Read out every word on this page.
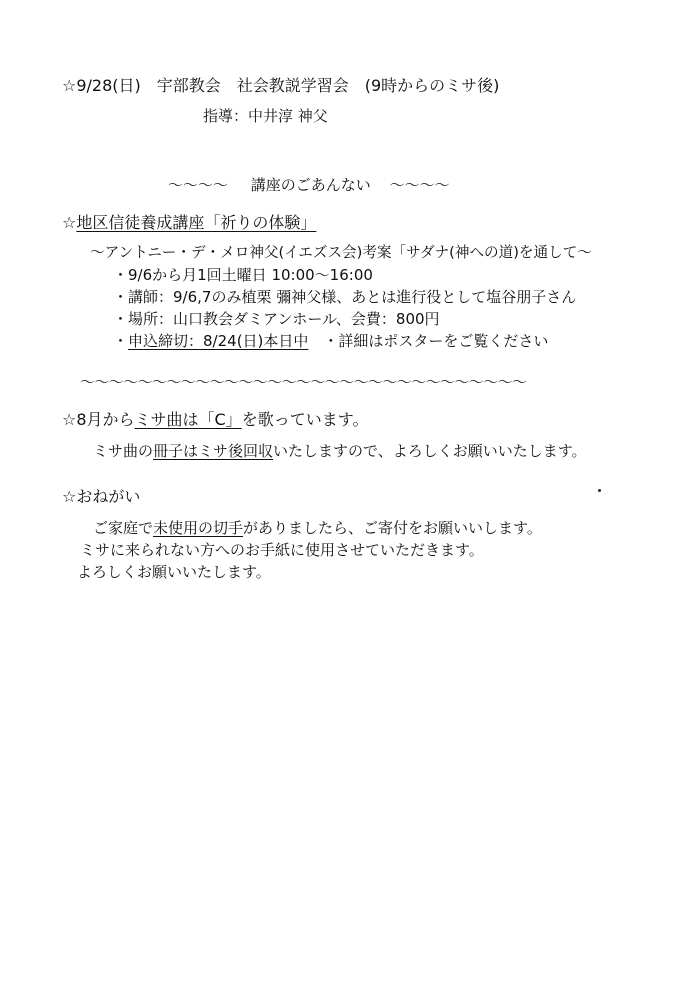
☆9/28(日)　宇部教会　社会教説学習会　(9時からのミサ後)
指導：中井淳 神父
～～～～ 講座のごあんない ～～～～
☆地区信徒養成講座「祈りの体験」
～アントニー・デ・メロ神父(イエズス会)考案「サダナ(神への道)を通して～
・9/6から月1回土曜日 10:00～16:00
・講師：9/6,7のみ植栗 彌神父様、あとは進行役として塩谷朋子さん
・場所：山口教会ダミアンホール、会費：800円
・申込締切：8/24(日)本日中　・詳細はポスターをご覧ください
～～～～～～～～～～～～～～～～～～～～～～～～～～～～～～～
☆8月からミサ曲は「C」を歌っています。
ミサ曲の冊子はミサ後回収いたしますので、よろしくお願いいたします。
☆おねがい
ご家庭で未使用の切手がありましたら、ご寄付をお願いいします。
ミサに来られない方へのお手紙に使用させていただきます。
よろしくお願いいたします。
